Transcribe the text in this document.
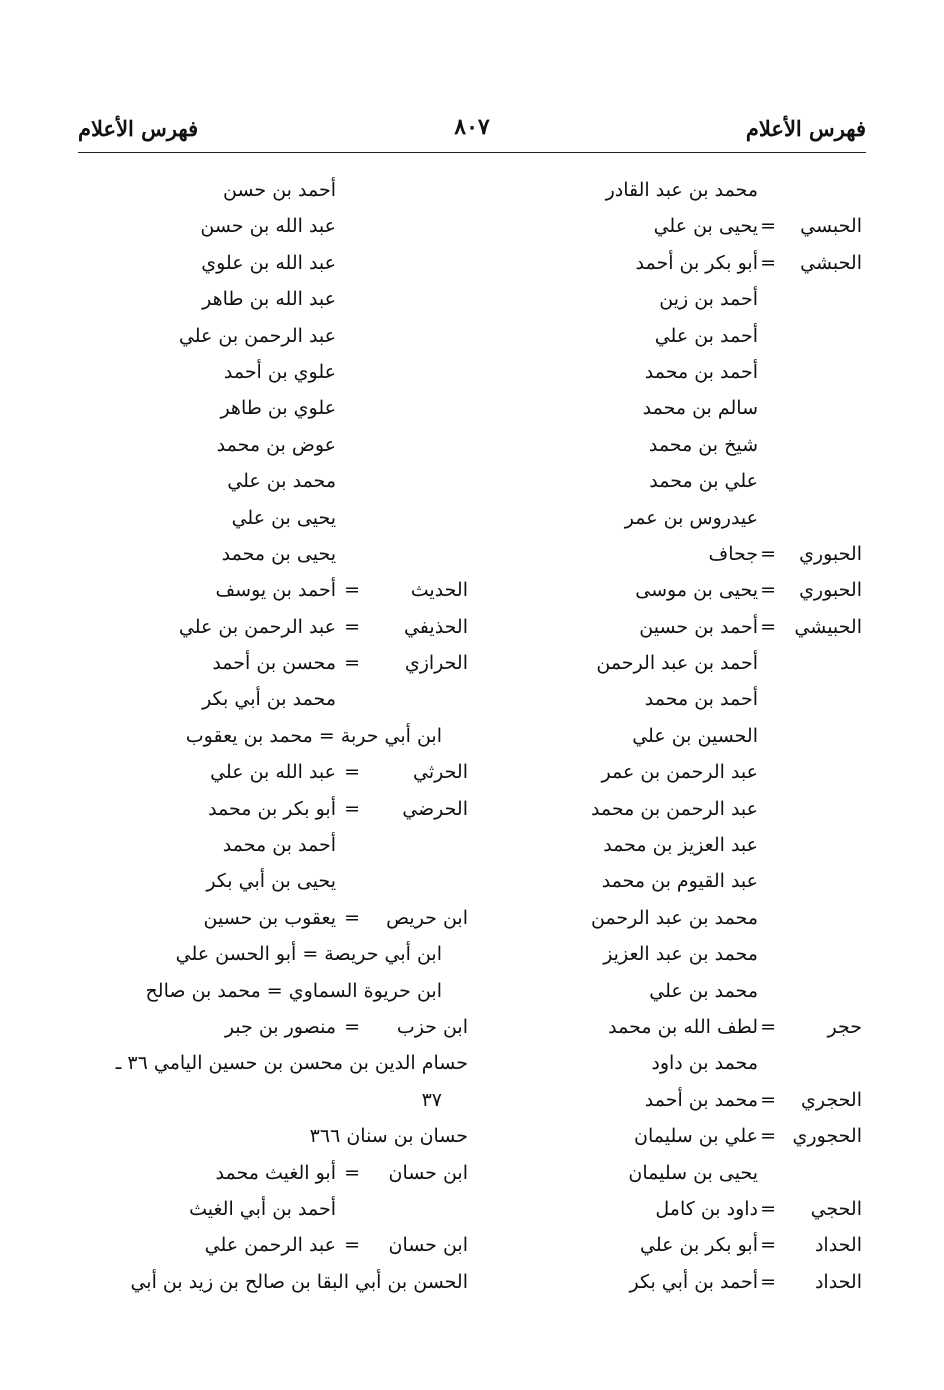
فهرس الأعلام
٨٠٧
فهرس الأعلام
محمد بن عبد القادر
الحبسي
=
يحيى بن علي
الحبشي
=
أبو بكر بن أحمد
أحمد بن زين
أحمد بن علي
أحمد بن محمد
سالم بن محمد
شيخ بن محمد
علي بن محمد
عيدروس بن عمر
الحبوري
=
جحاف
الحبوري
=
يحيى بن موسى
الحبيشي
=
أحمد بن حسين
أحمد بن عبد الرحمن
أحمد بن محمد
الحسين بن علي
عبد الرحمن بن عمر
عبد الرحمن بن محمد
عبد العزيز بن محمد
عبد القيوم بن محمد
محمد بن عبد الرحمن
محمد بن عبد العزيز
محمد بن علي
حجر
=
لطف الله بن محمد
محمد بن داود
الحجري
=
محمد بن أحمد
الحجوري
=
علي بن سليمان
يحيى بن سليمان
الحجي
=
داود بن كامل
الحداد
=
أبو بكر بن علي
الحداد
=
أحمد بن أبي بكر
أحمد بن حسن
عبد الله بن حسن
عبد الله بن علوي
عبد الله بن طاهر
عبد الرحمن بن علي
علوي بن أحمد
علوي بن طاهر
عوض بن محمد
محمد بن علي
يحيى بن علي
يحيى بن محمد
الحديث
=
أحمد بن يوسف
الحذيفي
=
عبد الرحمن بن علي
الحرازي
=
محسن بن أحمد
محمد بن أبي بكر
ابن أبي حربة = محمد بن يعقوب
الحرثي
=
عبد الله بن علي
الحرضي
=
أبو بكر بن محمد
أحمد بن محمد
يحيى بن أبي بكر
ابن حريص
=
يعقوب بن حسين
ابن أبي حريصة = أبو الحسن علي
ابن حريوة السماوي = محمد بن صالح
ابن حزب
=
منصور بن جبر
حسام الدين بن محسن بن حسين اليامي ٣٦ ـ
٣٧
حسان بن سنان ٣٦٦
ابن حسان
=
أبو الغيث محمد
أحمد بن أبي الغيث
ابن حسان
=
عبد الرحمن علي
الحسن بن أبي البقا بن صالح بن زيد بن أبي
